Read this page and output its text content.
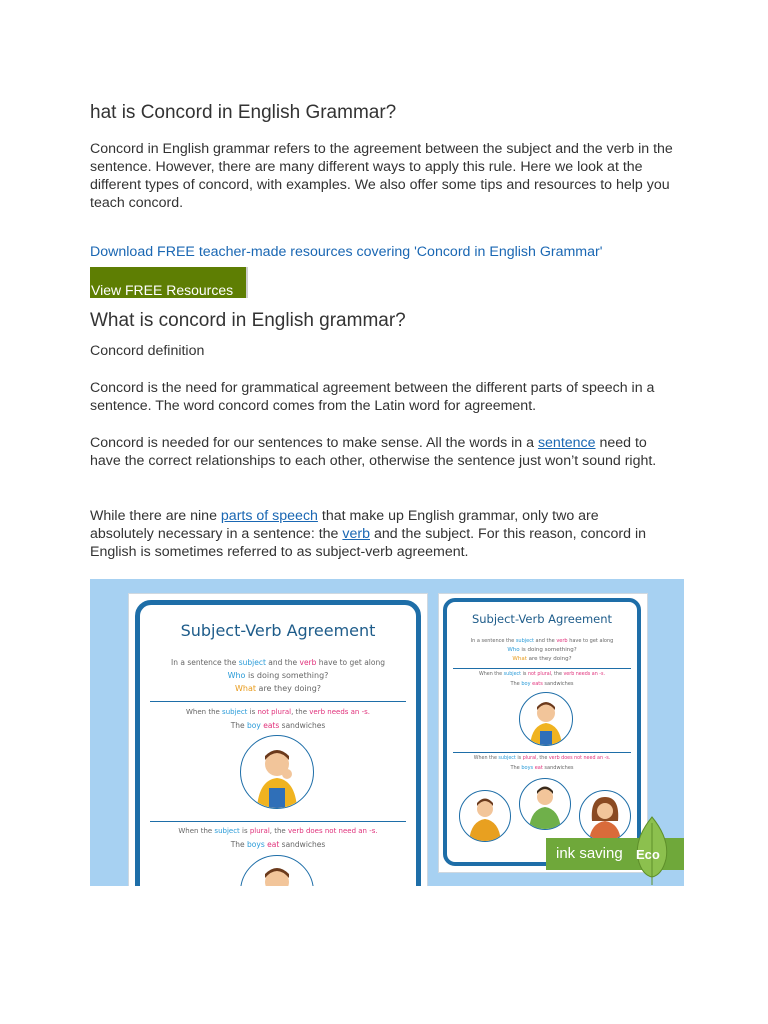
hat is Concord in English Grammar?
Concord in English grammar refers to the agreement between the subject and the verb in the sentence. However, there are many different ways to apply this rule. Here we look at the different types of concord, with examples. We also offer some tips and resources to help you teach concord.
Download FREE teacher-made resources covering 'Concord in English Grammar'
View FREE Resources
What is concord in English grammar?
Concord definition
Concord is the need for grammatical agreement between the different parts of speech in a sentence. The word concord comes from the Latin word for agreement.
Concord is needed for our sentences to make sense. All the words in a sentence need to have the correct relationships to each other, otherwise the sentence just won’t sound right.
While there are nine parts of speech that make up English grammar, only two are absolutely necessary in a sentence: the verb and the subject. For this reason, concord in English is sometimes referred to as subject-verb agreement.
Subject-Verb Agreement
In a sentence the subject and the verb have to get along
Who is doing something?
What are they doing?
When the subject is not plural, the verb needs an -s.
The boy eats sandwiches
When the subject is plural, the verb does not need an -s.
The boys eat sandwiches
Subject-Verb Agreement
In a sentence the subject and the verb have to get along
Who is doing something?
What are they doing?
When the subject is not plural, the verb needs an -s.
The boy eats sandwiches
When the subject is plural, the verb does not need an -s.
The boys eat sandwiches
ink saving Eco
